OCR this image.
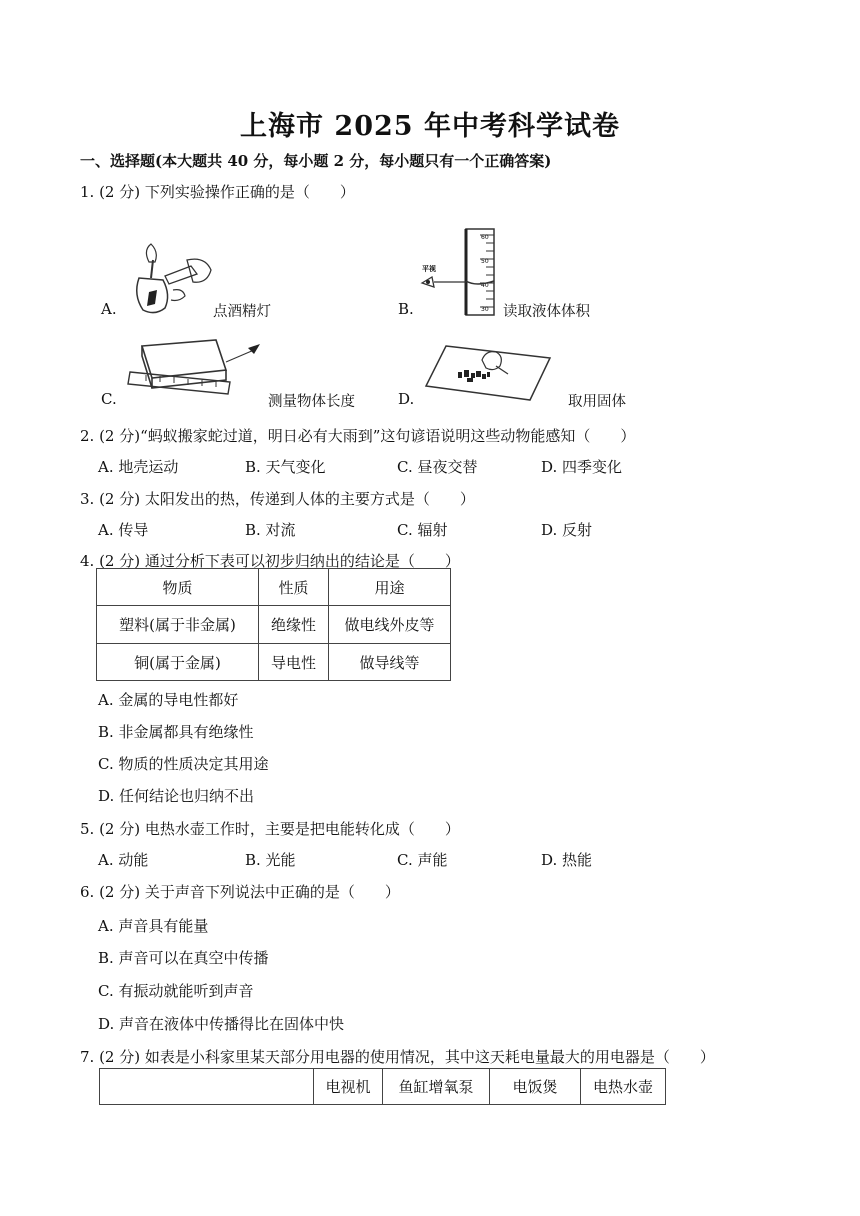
上海市 2025 年中考科学试卷
一、选择题(本大题共 40 分，每小题 2 分，每小题只有一个正确答案)
1. (2 分) 下列实验操作正确的是（　　）
A.	点酒精灯	B.
60
50
40
30
平视
读取液体体积
C.	测量物体长度	D.	取用固体
2. (2 分)“蚂蚁搬家蛇过道，明日必有大雨到”这句谚语说明这些动物能感知（　　）
A. 地壳运动	B. 天气变化	C. 昼夜交替	D. 四季变化
3. (2 分) 太阳发出的热，传递到人体的主要方式是（　　）
A. 传导	B. 对流	C. 辐射	D. 反射
4. (2 分) 通过分析下表可以初步归纳出的结论是（　　）
物质	性质	用途
塑料(属于非金属)	绝缘性	做电线外皮等
铜(属于金属)	导电性	做导线等
A. 金属的导电性都好
B. 非金属都具有绝缘性
C. 物质的性质决定其用途
D. 任何结论也归纳不出
5. (2 分) 电热水壶工作时，主要是把电能转化成（　　）
A. 动能	B. 光能	C. 声能	D. 热能
6. (2 分) 关于声音下列说法中正确的是（　　）
A. 声音具有能量
B. 声音可以在真空中传播
C. 有振动就能听到声音
D. 声音在液体中传播得比在固体中快
7. (2 分) 如表是小科家里某天部分用电器的使用情况，其中这天耗电量最大的用电器是（　　）
	电视机	鱼缸增氧泵	电饭煲	电热水壶
